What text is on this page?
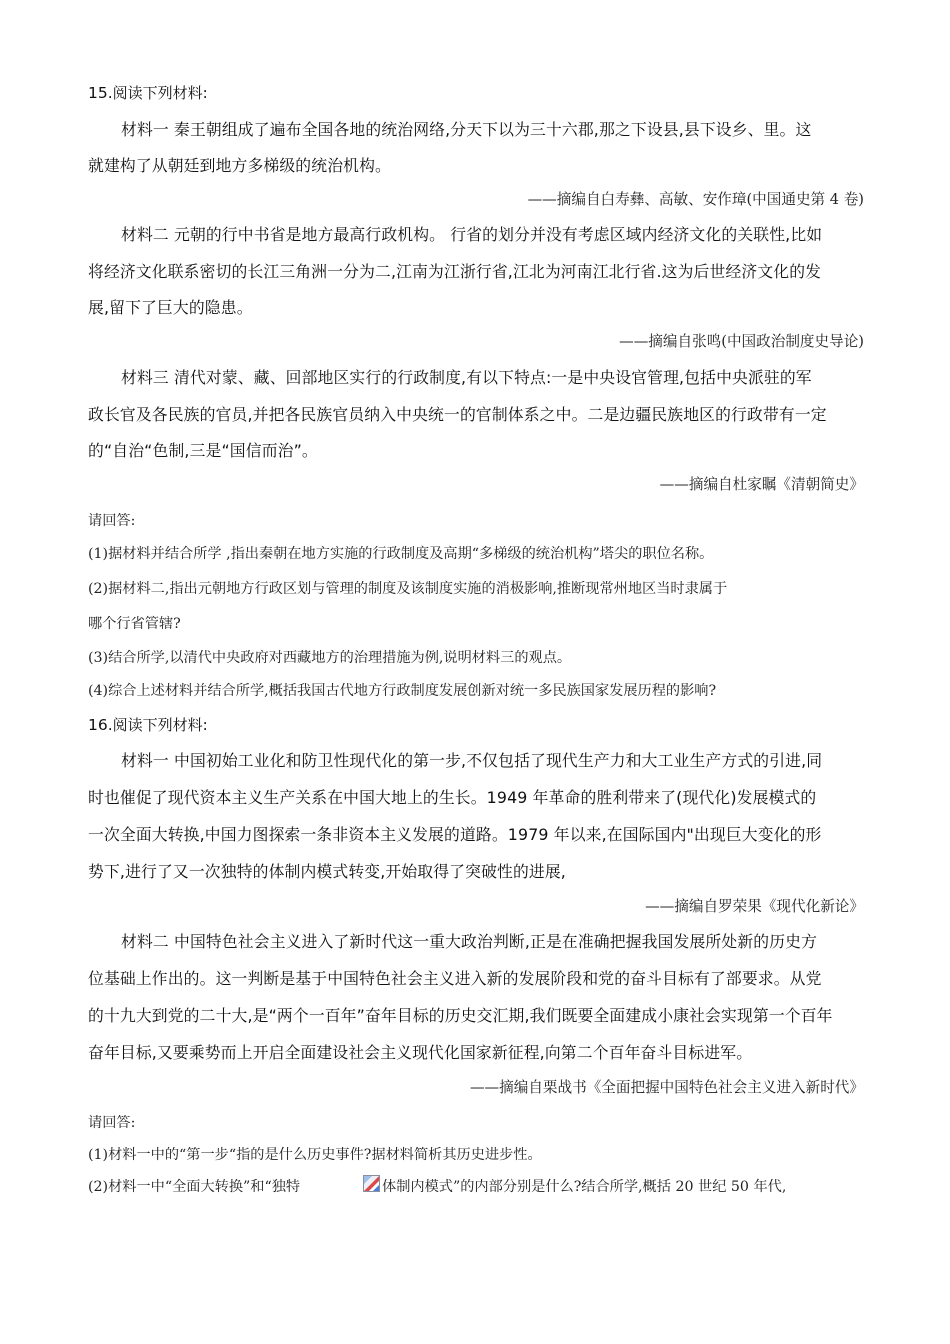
15.阅读下列材料:
材料一 秦王朝组成了遍布全国各地的统治网络,分天下以为三十六郡,那之下设县,县下设乡、里。这
就建构了从朝廷到地方多梯级的统治机构。
——摘编自白寿彝、高敏、安作璋(中国通史第 4 卷)
材料二 元朝的行中书省是地方最高行政机构。 行省的划分并没有考虑区域内经济文化的关联性,比如
将经济文化联系密切的长江三角洲一分为二,江南为江浙行省,江北为河南江北行省.这为后世经济文化的发
展,留下了巨大的隐患。
——摘编自张鸣(中国政治制度史导论)
材料三 清代对蒙、藏、回部地区实行的行政制度,有以下特点:一是中央设官管理,包括中央派驻的军
政长官及各民族的官员,并把各民族官员纳入中央统一的官制体系之中。二是边疆民族地区的行政带有一定
的“自治“色制,三是“国信而治”。
——摘编自杜家瞩《清朝简史》
请回答:
(1)据材料并结合所学 ,指出秦朝在地方实施的行政制度及高期“多梯级的统治机构”塔尖的职位名称。
(2)据材料二,指出元朝地方行政区划与管理的制度及该制度实施的消极影响,推断现常州地区当时隶属于
哪个行省管辖?
(3)结合所学,以清代中央政府对西藏地方的治理措施为例,说明材料三的观点。
(4)综合上述材料并结合所学,概括我国古代地方行政制度发展创新对统一多民族国家发展历程的影响?
16.阅读下列材料:
材料一 中国初始工业化和防卫性现代化的第一步,不仅包括了现代生产力和大工业生产方式的引进,同
时也催促了现代资本主义生产关系在中国大地上的生长。1949 年革命的胜利带来了(现代化)发展模式的
一次全面大转换,中国力图探索一条非资本主义发展的道路。1979 年以来,在国际国内"出现巨大变化的形
势下,进行了又一次独特的体制内模式转变,开始取得了突破性的进展,
——摘编自罗荣果《现代化新论》
材料二 中国特色社会主义进入了新时代这一重大政治判断,正是在准确把握我国发展所处新的历史方
位基础上作出的。这一判断是基于中国特色社会主义进入新的发展阶段和党的奋斗目标有了部要求。从党
的十九大到党的二十大,是“两个一百年”奋年目标的历史交汇期,我们既要全面建成小康社会实现第一个百年
奋年目标,又要乘势而上开启全面建设社会主义现代化国家新征程,向第二个百年奋斗目标进军。
——摘编自栗战书《全面把握中国特色社会主义进入新时代》
请回答:
(1)材料一中的“第一步“指的是什么历史事件?据材料简析其历史进步性。
(2)材料一中“全面大转换”和“独特	体制内模式”的内部分别是什么?结合所学,概括 20 世纪 50 年代,
